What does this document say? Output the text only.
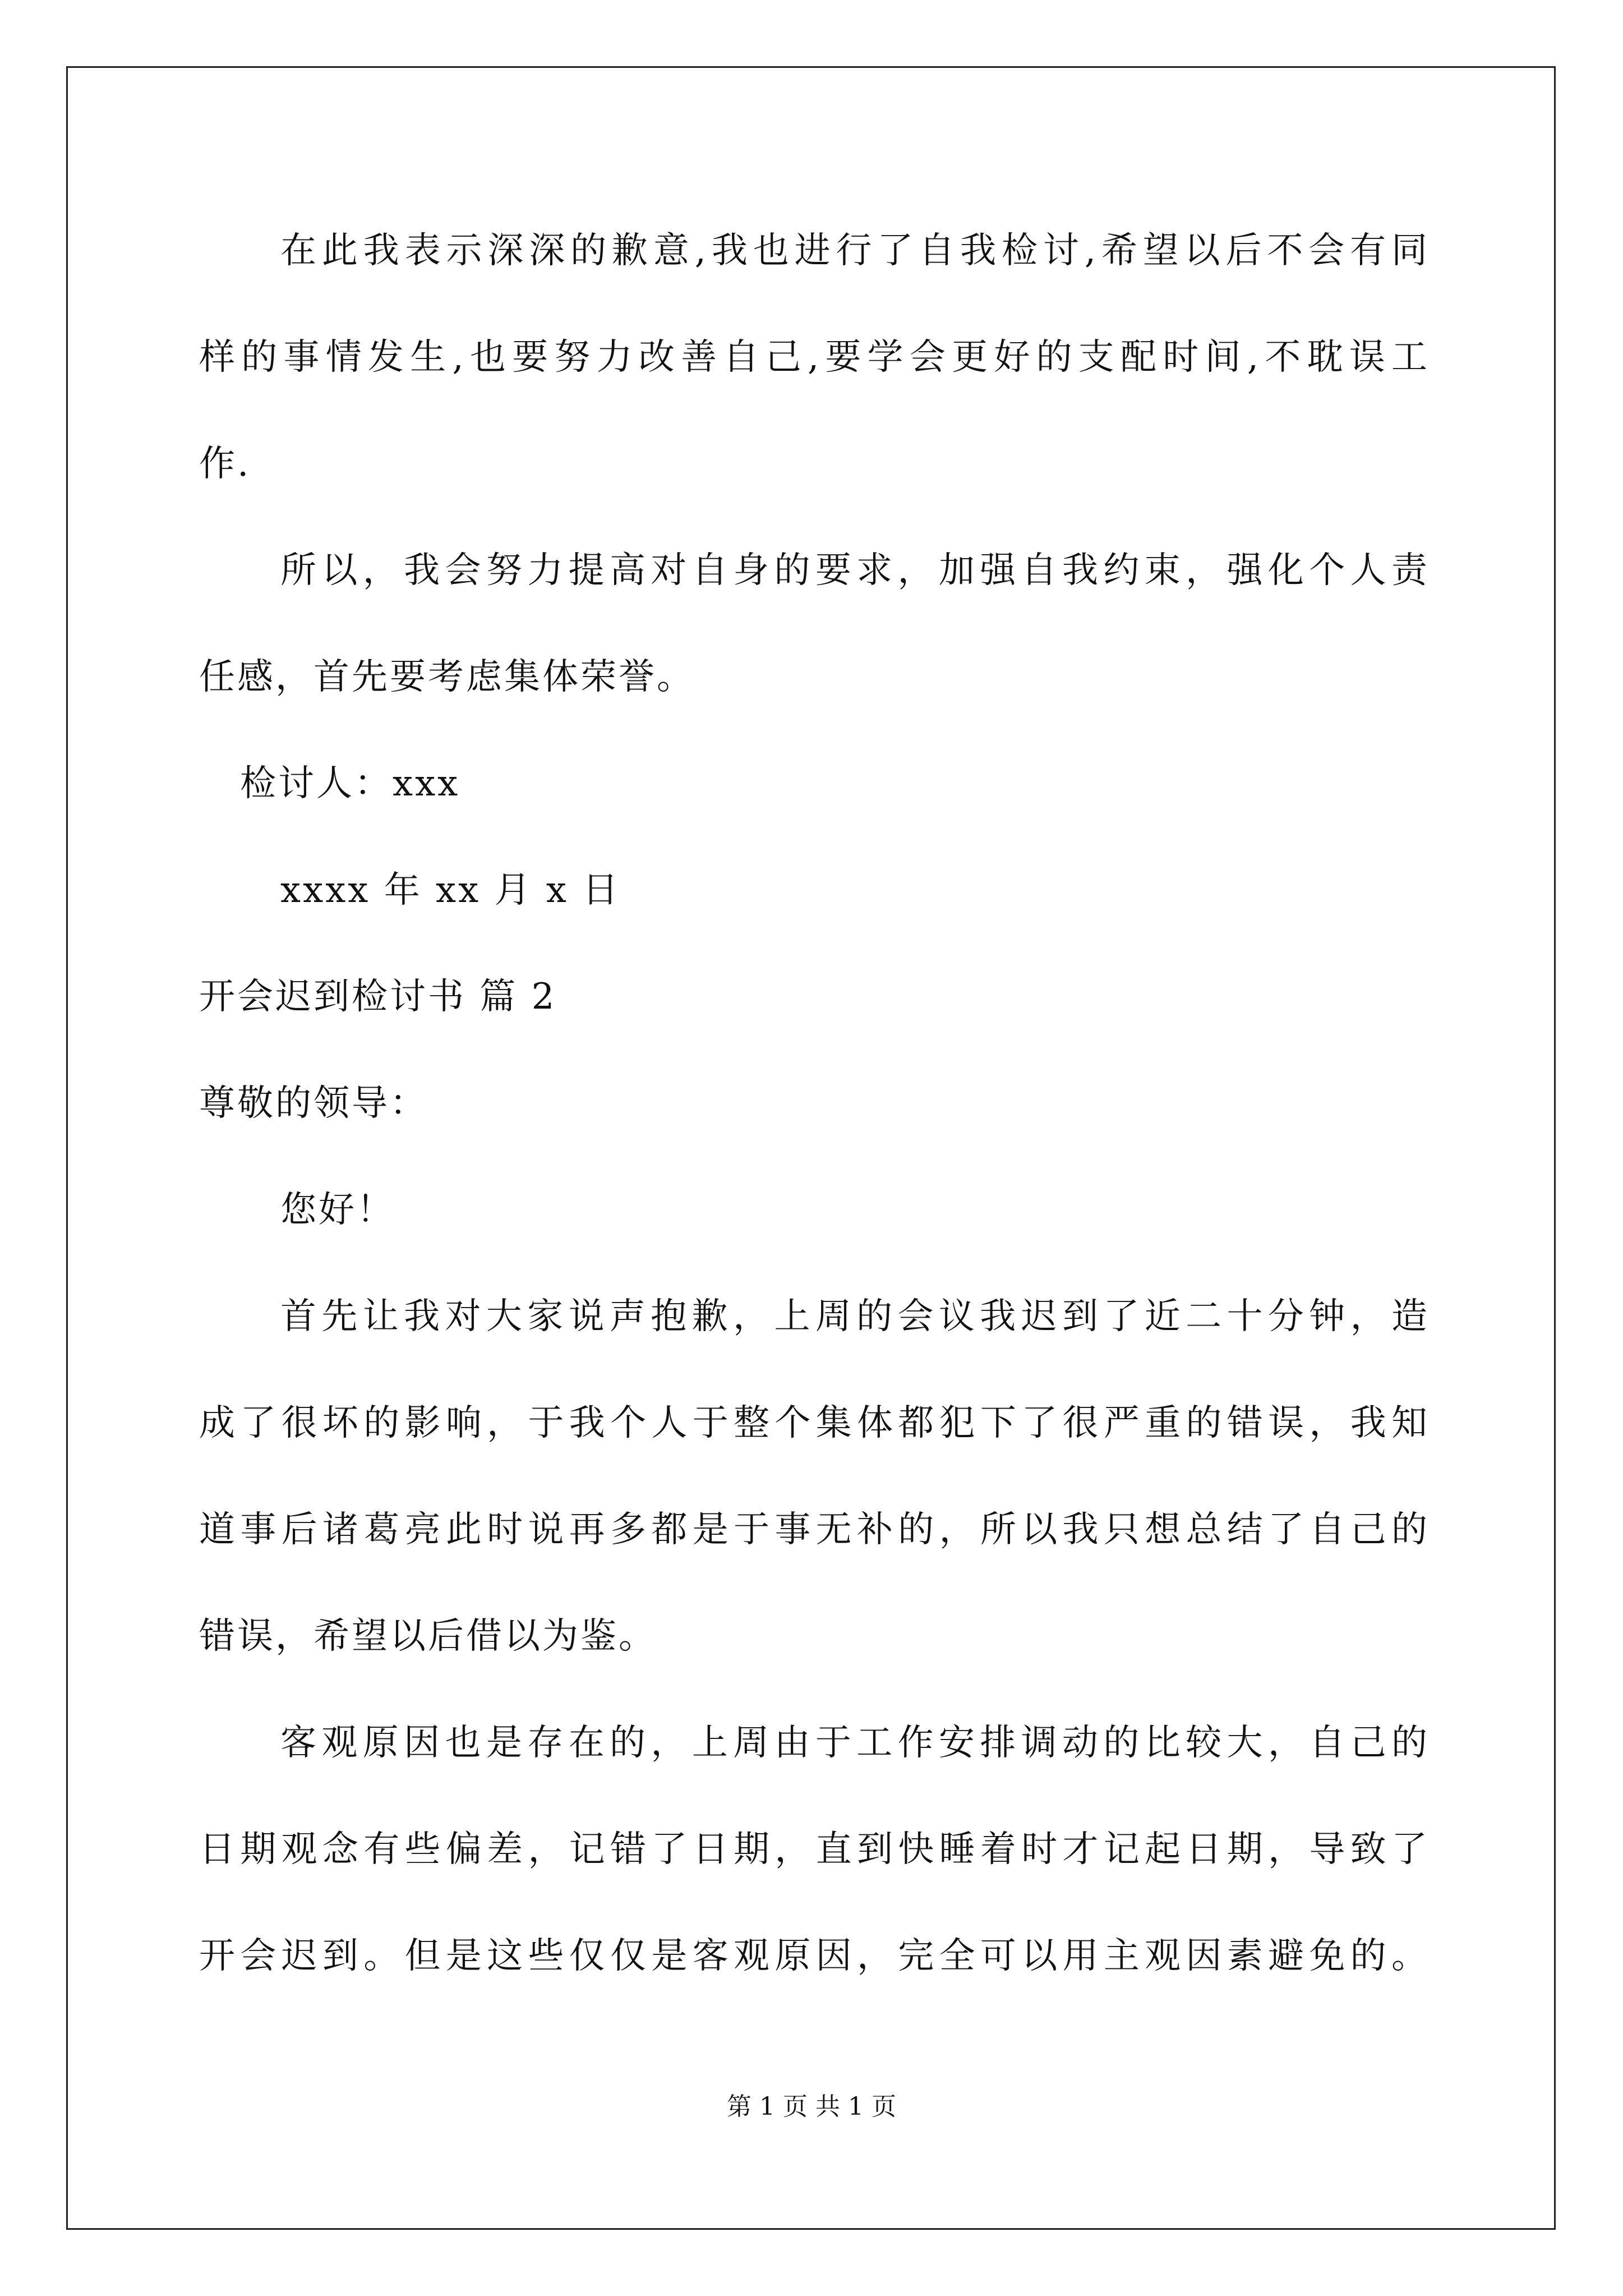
在此我表示深深的歉意,我也进行了自我检讨,希望以后不会有同
样的事情发生,也要努力改善自己,要学会更好的支配时间,不耽误工
作.
所以，我会努力提高对自身的要求，加强自我约束，强化个人责
任感，首先要考虑集体荣誉。
检讨人：xxx
xxxx 年 xx 月 x 日
开会迟到检讨书 篇 2
尊敬的领导：
您好！
首先让我对大家说声抱歉，上周的会议我迟到了近二十分钟，造
成了很坏的影响，于我个人于整个集体都犯下了很严重的错误，我知
道事后诸葛亮此时说再多都是于事无补的，所以我只想总结了自己的
错误，希望以后借以为鉴。
客观原因也是存在的，上周由于工作安排调动的比较大，自己的
日期观念有些偏差，记错了日期，直到快睡着时才记起日期，导致了
开会迟到。但是这些仅仅是客观原因，完全可以用主观因素避免的。
第 1 页 共 1 页
